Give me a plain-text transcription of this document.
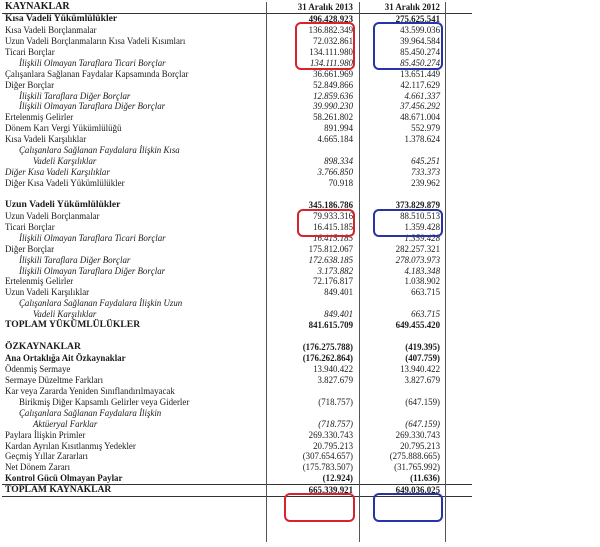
KAYNAKLAR	31 Aralık 2013	31 Aralık 2012
Kısa Vadeli Yükümlülükler	496.428.923	275.625.541
Kısa Vadeli Borçlanmalar	136.882.349	43.599.036
Uzun Vadeli Borçlanmaların Kısa Vadeli Kısımları	72.032.861	39.964.584
Ticari Borçlar	134.111.980	85.450.274
İlişkili Olmayan Taraflara Ticari Borçlar	134.111.980	85.450.274
Çalışanlara Sağlanan Faydalar Kapsamında Borçlar	36.661.969	13.651.449
Diğer Borçlar	52.849.866	42.117.629
İlişkili Taraflara Diğer Borçlar	12.859.636	4.661.337
İlişkili Olmayan Taraflara Diğer Borçlar	39.990.230	37.456.292
Ertelenmiş Gelirler	58.261.802	48.671.004
Dönem Karı Vergi Yükümlülüğü	891.994	552.979
Kısa Vadeli Karşılıklar	4.665.184	1.378.624
Çalışanlara Sağlanan Faydalara İlişkin Kısa
Vadeli Karşılıklar	898.334	645.251
Diğer Kısa Vadeli Karşılıklar	3.766.850	733.373
Diğer Kısa Vadeli Yükümlülükler	70.918	239.962
Uzun Vadeli Yükümlülükler	345.186.786	373.829.879
Uzun Vadeli Borçlanmalar	79.933.316	88.510.513
Ticari Borçlar	16.415.185	1.359.428
İlişkili Olmayan Taraflara Ticari Borçlar	16.415.185	1.359.428
Diğer Borçlar	175.812.067	282.257.321
İlişkili Taraflara Diğer Borçlar	172.638.185	278.073.973
İlişkili Olmayan Taraflara Diğer Borçlar	3.173.882	4.183.348
Ertelenmiş Gelirler	72.176.817	1.038.902
Uzun Vadeli Karşılıklar	849.401	663.715
Çalışanlara Sağlanan Faydalara İlişkin Uzun
Vadeli Karşılıklar	849.401	663.715
TOPLAM YÜKÜMLÜLÜKLER	841.615.709	649.455.420
ÖZKAYNAKLAR	(176.275.788)	(419.395)
Ana Ortaklığa Ait Özkaynaklar	(176.262.864)	(407.759)
Ödenmiş Sermaye	13.940.422	13.940.422
Sermaye Düzeltme Farkları	3.827.679	3.827.679
Kar veya Zararda Yeniden Sınıflandırılmayacak
Birikmiş Diğer Kapsamlı Gelirler veya Giderler	(718.757)	(647.159)
Çalışanlara Sağlanan Faydalara İlişkin
Aktüeryal Farklar	(718.757)	(647.159)
Paylara İlişkin Primler	269.330.743	269.330.743
Kardan Ayrılan Kısıtlanmış Yedekler	20.795.213	20.795.213
Geçmiş Yıllar Zararları	(307.654.657)	(275.888.665)
Net Dönem Zararı	(175.783.507)	(31.765.992)
Kontrol Gücü Olmayan Paylar	(12.924)	(11.636)
TOPLAM KAYNAKLAR	665.339.921	649.036.025
